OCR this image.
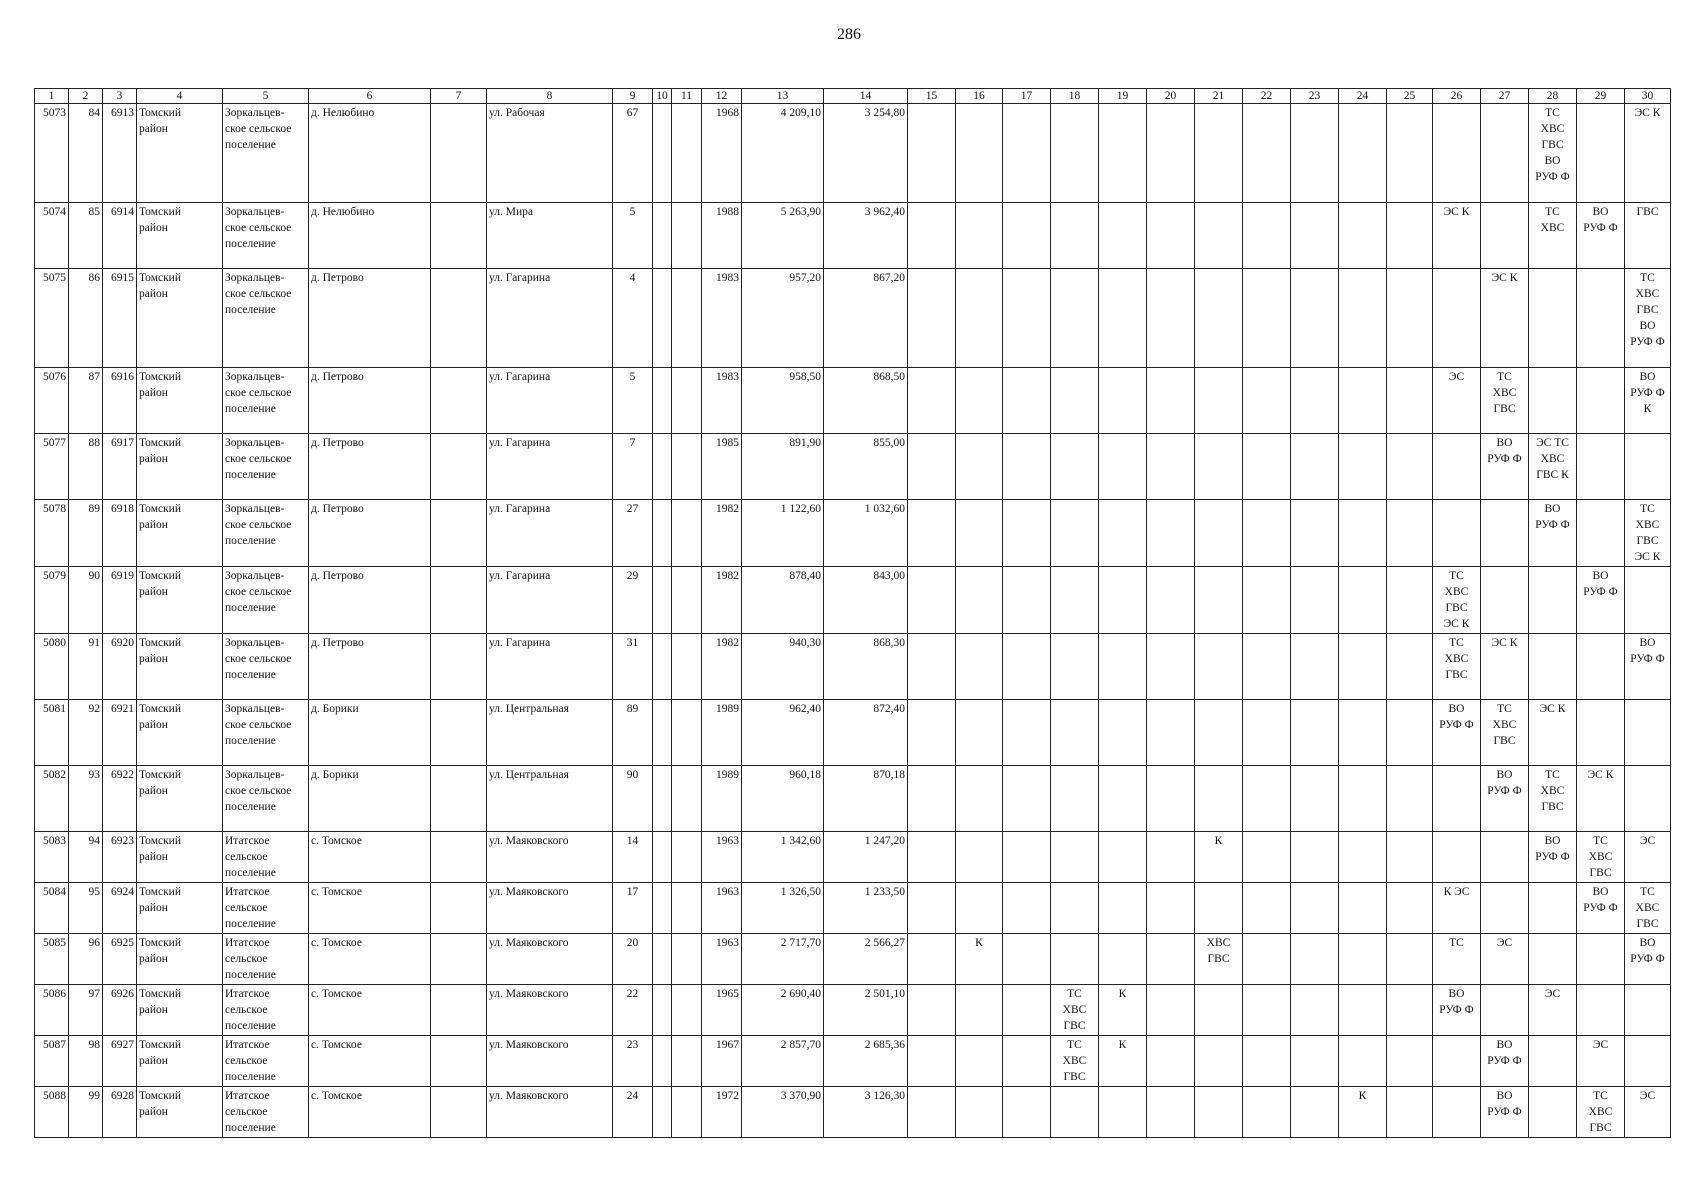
286
1	2	3	4	5	6	7	8	9	10	11	12	13	14	15	16	17	18	19	20	21	22	23	24	25	26	27	28	29	30
5073	84	6913	Томский
район	Зоркальцев-
ское сельское
поселение	д. Нелюбино		ул. Рабочая	67			1968	4 209,10	3 254,80														ТС
ХВС
ГВС
ВО
РУФ Ф		ЭС К
5074	85	6914	Томский
район	Зоркальцев-
ское сельское
поселение	д. Нелюбино		ул. Мира	5			1988	5 263,90	3 962,40												ЭС К		ТС
ХВС	ВО
РУФ Ф	ГВС
5075	86	6915	Томский
район	Зоркальцев-
ское сельское
поселение	д. Петрово		ул. Гагарина	4			1983	957,20	867,20													ЭС К			ТС
ХВС
ГВС
ВО
РУФ Ф
5076	87	6916	Томский
район	Зоркальцев-
ское сельское
поселение	д. Петрово		ул. Гагарина	5			1983	958,50	868,50												ЭС	ТС
ХВС
ГВС			ВО
РУФ Ф
К
5077	88	6917	Томский
район	Зоркальцев-
ское сельское
поселение	д. Петрово		ул. Гагарина	7			1985	891,90	855,00													ВО
РУФ Ф	ЭС ТС
ХВС
ГВС К		
5078	89	6918	Томский
район	Зоркальцев-
ское сельское
поселение	д. Петрово		ул. Гагарина	27			1982	1 122,60	1 032,60														ВО
РУФ Ф		ТС
ХВС
ГВС
ЭС К
5079	90	6919	Томский
район	Зоркальцев-
ское сельское
поселение	д. Петрово		ул. Гагарина	29			1982	878,40	843,00												ТС
ХВС
ГВС
ЭС К			ВО
РУФ Ф	
5080	91	6920	Томский
район	Зоркальцев-
ское сельское
поселение	д. Петрово		ул. Гагарина	31			1982	940,30	868,30												ТС
ХВС
ГВС	ЭС К			ВО
РУФ Ф
5081	92	6921	Томский
район	Зоркальцев-
ское сельское
поселение	д. Борики		ул. Центральная	89			1989	962,40	872,40												ВО
РУФ Ф	ТС
ХВС
ГВС	ЭС К		
5082	93	6922	Томский
район	Зоркальцев-
ское сельское
поселение	д. Борики		ул. Центральная	90			1989	960,18	870,18													ВО
РУФ Ф	ТС
ХВС
ГВС	ЭС К	
5083	94	6923	Томский
район	Итатское
сельское
поселение	с. Томское		ул. Маяковского	14			1963	1 342,60	1 247,20							К							ВО
РУФ Ф	ТС
ХВС
ГВС	ЭС
5084	95	6924	Томский
район	Итатское
сельское
поселение	с. Томское		ул. Маяковского	17			1963	1 326,50	1 233,50												К ЭС			ВО
РУФ Ф	ТС
ХВС
ГВС
5085	96	6925	Томский
район	Итатское
сельское
поселение	с. Томское		ул. Маяковского	20			1963	2 717,70	2 566,27		К					ХВС
ГВС					ТС	ЭС			ВО
РУФ Ф
5086	97	6926	Томский
район	Итатское
сельское
поселение	с. Томское		ул. Маяковского	22			1965	2 690,40	2 501,10				ТС
ХВС
ГВС	К							ВО
РУФ Ф		ЭС		
5087	98	6927	Томский
район	Итатское
сельское
поселение	с. Томское		ул. Маяковского	23			1967	2 857,70	2 685,36				ТС
ХВС
ГВС	К								ВО
РУФ Ф		ЭС	
5088	99	6928	Томский
район	Итатское
сельское
поселение	с. Томское		ул. Маяковского	24			1972	3 370,90	3 126,30										К			ВО
РУФ Ф		ТС
ХВС
ГВС	ЭС
